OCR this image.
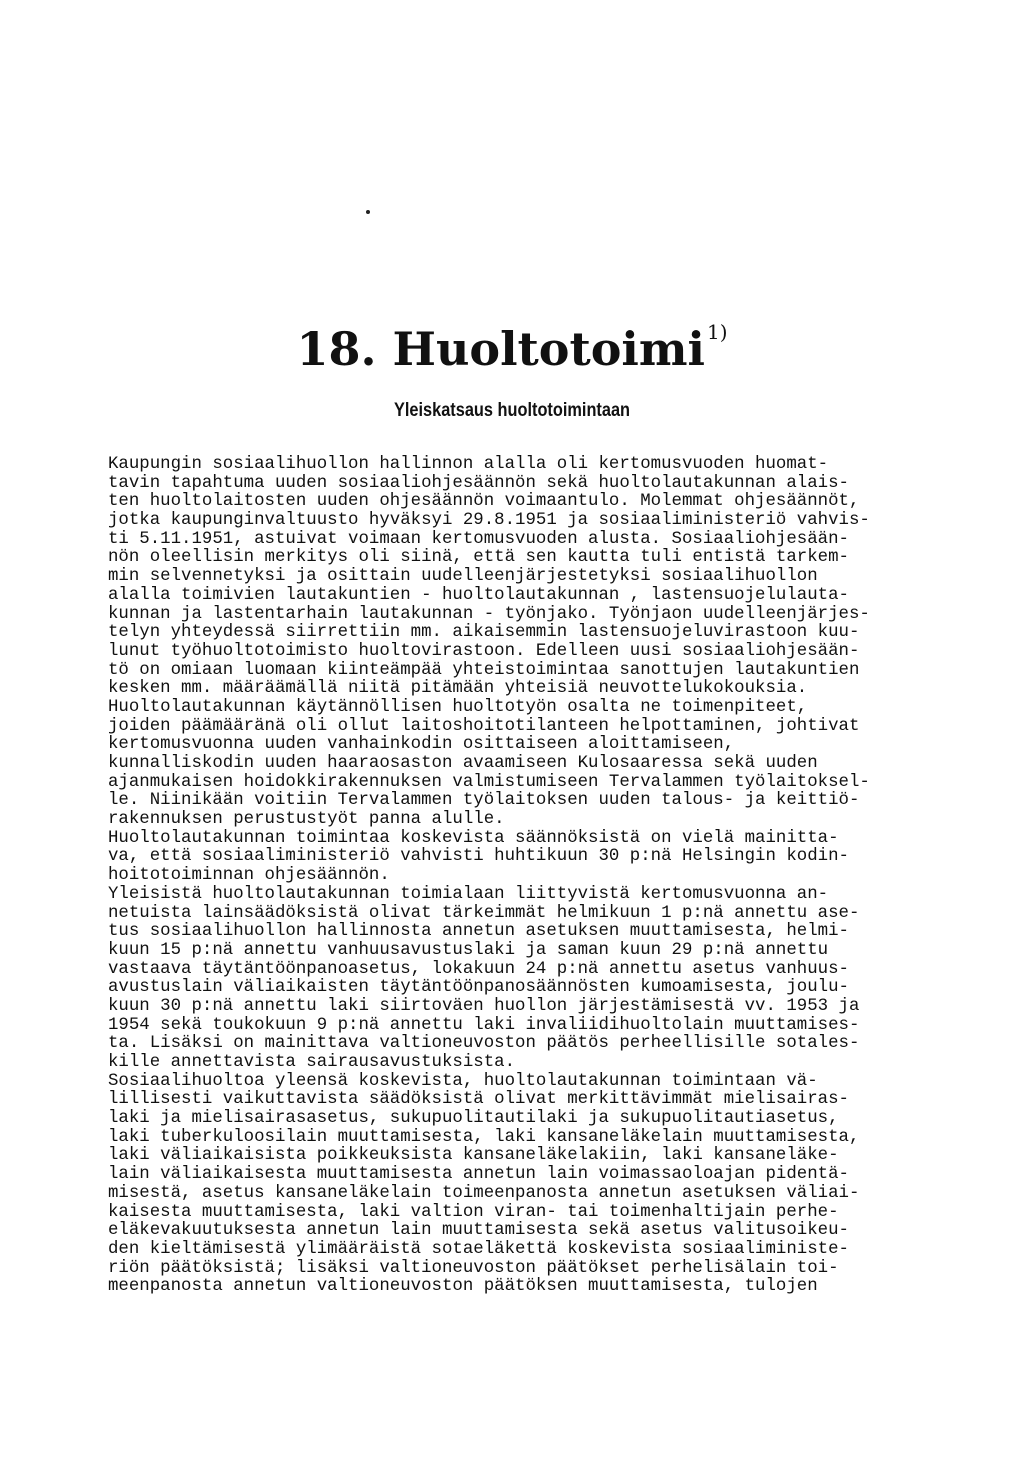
18. Huoltotoimi $^{1)}$
Yleiskatsaus huoltotoimintaan
Kaupungin sosiaalihuollon hallinnon alalla oli kertomusvuoden huomat-
tavin tapahtuma uuden sosiaaliohjesäännön sekä huoltolautakunnan alais-
ten huoltolaitosten uuden ohjesäännön voimaantulo. Molemmat ohjesäännöt,
jotka kaupunginvaltuusto hyväksyi 29.8.1951 ja sosiaaliministeriö vahvis-
ti 5.11.1951, astuivat voimaan kertomusvuoden alusta. Sosiaaliohjesään-
nön oleellisin merkitys oli siinä, että sen kautta tuli entistä tarkem-
min selvennetyksi ja osittain uudelleenjärjestetyksi sosiaalihuollon
alalla toimivien lautakuntien - huoltolautakunnan , lastensuojelulauta-
kunnan ja lastentarhain lautakunnan - työnjako. Työnjaon uudelleenjärjes-
telyn yhteydessä siirrettiin mm. aikaisemmin lastensuojeluvirastoon kuu-
lunut työhuoltotoimisto huoltovirastoon. Edelleen uusi sosiaaliohjesään-
tö on omiaan luomaan kiinteämpää yhteistoimintaa sanottujen lautakuntien
kesken mm. määräämällä niitä pitämään yhteisiä neuvottelukokouksia.
Huoltolautakunnan käytännöllisen huoltotyön osalta ne toimenpiteet,
joiden päämääränä oli ollut laitoshoitotilanteen helpottaminen, johtivat
kertomusvuonna uuden vanhainkodin osittaiseen aloittamiseen,
kunnalliskodin uuden haaraosaston avaamiseen Kulosaaressa sekä uuden
ajanmukaisen hoidokkirakennuksen valmistumiseen Tervalammen työlaitoksel-
le. Niinikään voitiin Tervalammen työlaitoksen uuden talous- ja keittiö-
rakennuksen perustustyöt panna alulle.
Huoltolautakunnan toimintaa koskevista säännöksistä on vielä mainitta-
va, että sosiaaliministeriö vahvisti huhtikuun 30 p:nä Helsingin kodin-
hoitotoiminnan ohjesäännön.
Yleisistä huoltolautakunnan toimialaan liittyvistä kertomusvuonna an-
netuista lainsäädöksistä olivat tärkeimmät helmikuun 1 p:nä annettu ase-
tus sosiaalihuollon hallinnosta annetun asetuksen muuttamisesta, helmi-
kuun 15 p:nä annettu vanhuusavustuslaki ja saman kuun 29 p:nä annettu
vastaava täytäntöönpanoasetus, lokakuun 24 p:nä annettu asetus vanhuus-
avustuslain väliaikaisten täytäntöönpanosäännösten kumoamisesta, joulu-
kuun 30 p:nä annettu laki siirtoväen huollon järjestämisestä vv. 1953 ja
1954 sekä toukokuun 9 p:nä annettu laki invaliidihuoltolain muuttamises-
ta. Lisäksi on mainittava valtioneuvoston päätös perheellisille sotales-
kille annettavista sairausavustuksista.
Sosiaalihuoltoa yleensä koskevista, huoltolautakunnan toimintaan vä-
lillisesti vaikuttavista säädöksistä olivat merkittävimmät mielisairas-
laki ja mielisairasasetus, sukupuolitautilaki ja sukupuolitautiasetus,
laki tuberkuloosilain muuttamisesta, laki kansaneläkelain muuttamisesta,
laki väliaikaisista poikkeuksista kansaneläkelakiin, laki kansaneläke-
lain väliaikaisesta muuttamisesta annetun lain voimassaoloajan pidentä-
misestä, asetus kansaneläkelain toimeenpanosta annetun asetuksen väliai-
kaisesta muuttamisesta, laki valtion viran- tai toimenhaltijain perhe-
eläkevakuutuksesta annetun lain muuttamisesta sekä asetus valitusoikeu-
den kieltämisestä ylimääräistä sotaeläkettä koskevista sosiaaliministe-
riön päätöksistä; lisäksi valtioneuvoston päätökset perhelisälain toi-
meenpanosta annetun valtioneuvoston päätöksen muuttamisesta, tulojen
